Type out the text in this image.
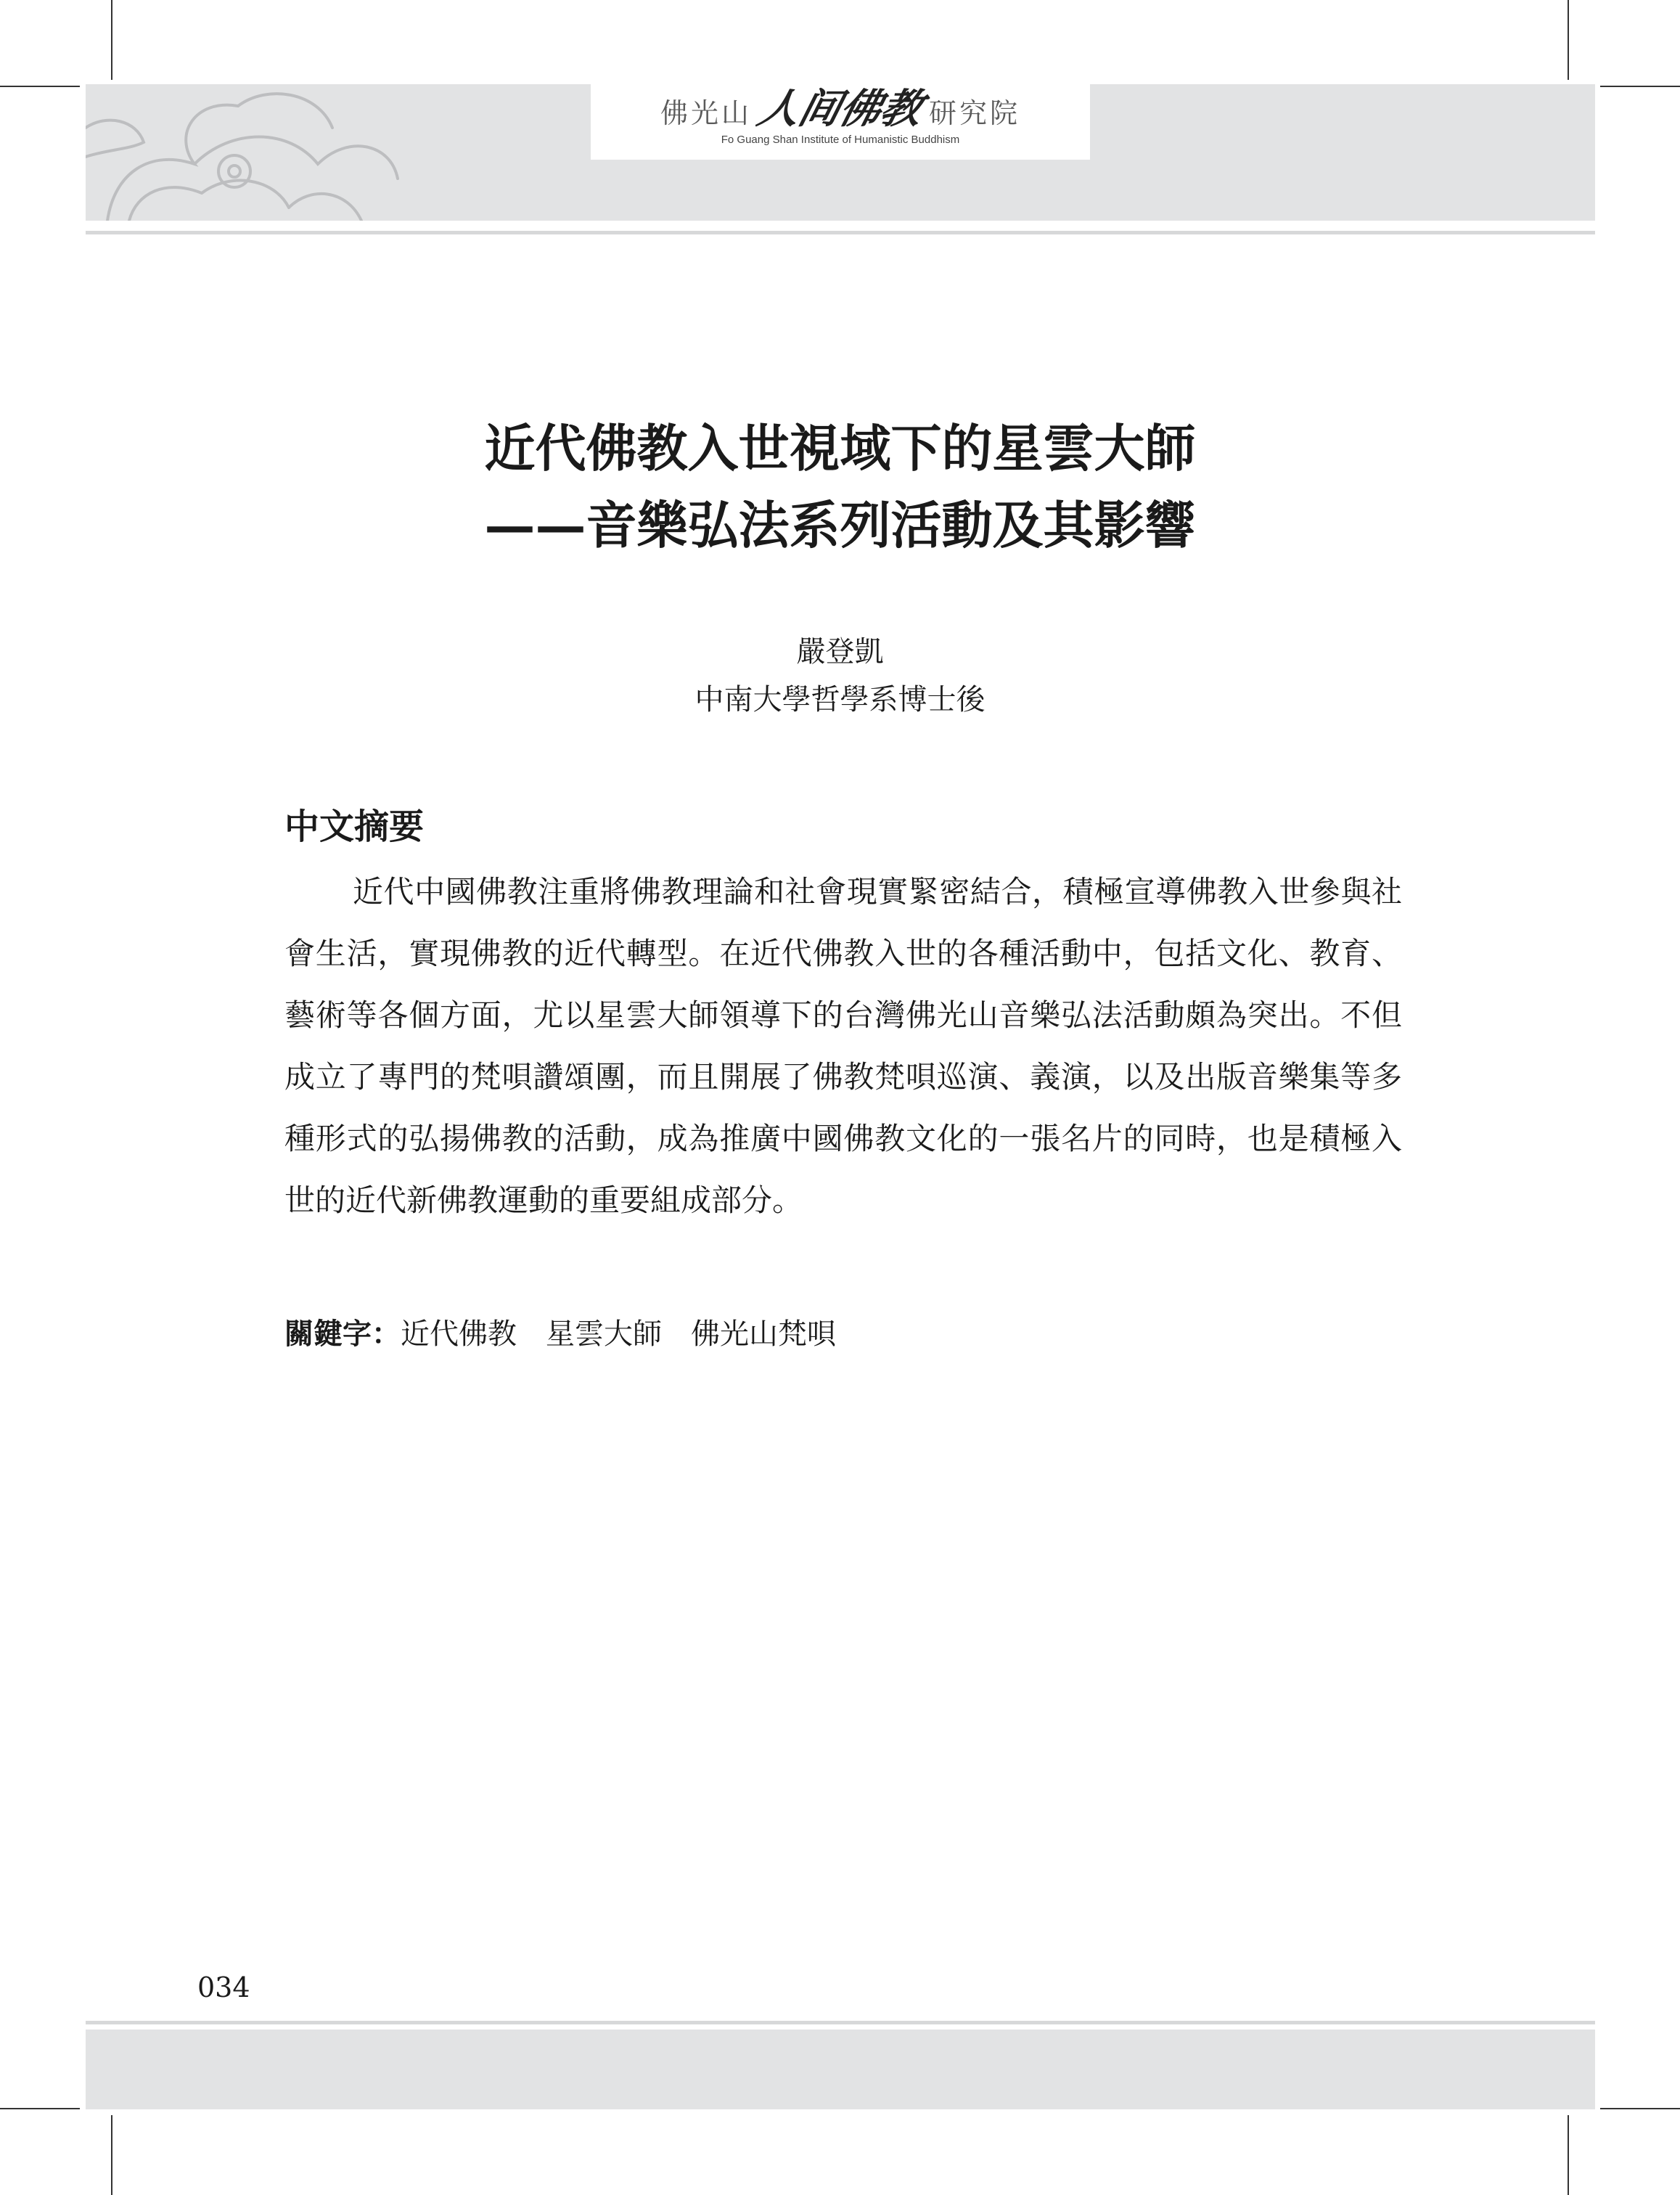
佛光山人间佛教研究院
Fo Guang Shan Institute of Humanistic Buddhism
近代佛教入世視域下的星雲大師
——音樂弘法系列活動及其影響
嚴登凱
中南大學哲學系博士後
中文摘要

近代中國佛教注重將佛教理論和社會現實緊密結合，積極宣導佛教入世參與社會生活，實現佛教的近代轉型。在近代佛教入世的各種活動中，包括文化、教育、藝術等各個方面，尤以星雲大師領導下的台灣佛光山音樂弘法活動頗為突出。不但成立了專門的梵唄讚頌團，而且開展了佛教梵唄巡演、義演，以及出版音樂集等多種形式的弘揚佛教的活動，成為推廣中國佛教文化的一張名片的同時，也是積極入世的近代新佛教運動的重要組成部分。

關鍵字：近代佛教　 星雲大師　 佛光山梵唄
034
